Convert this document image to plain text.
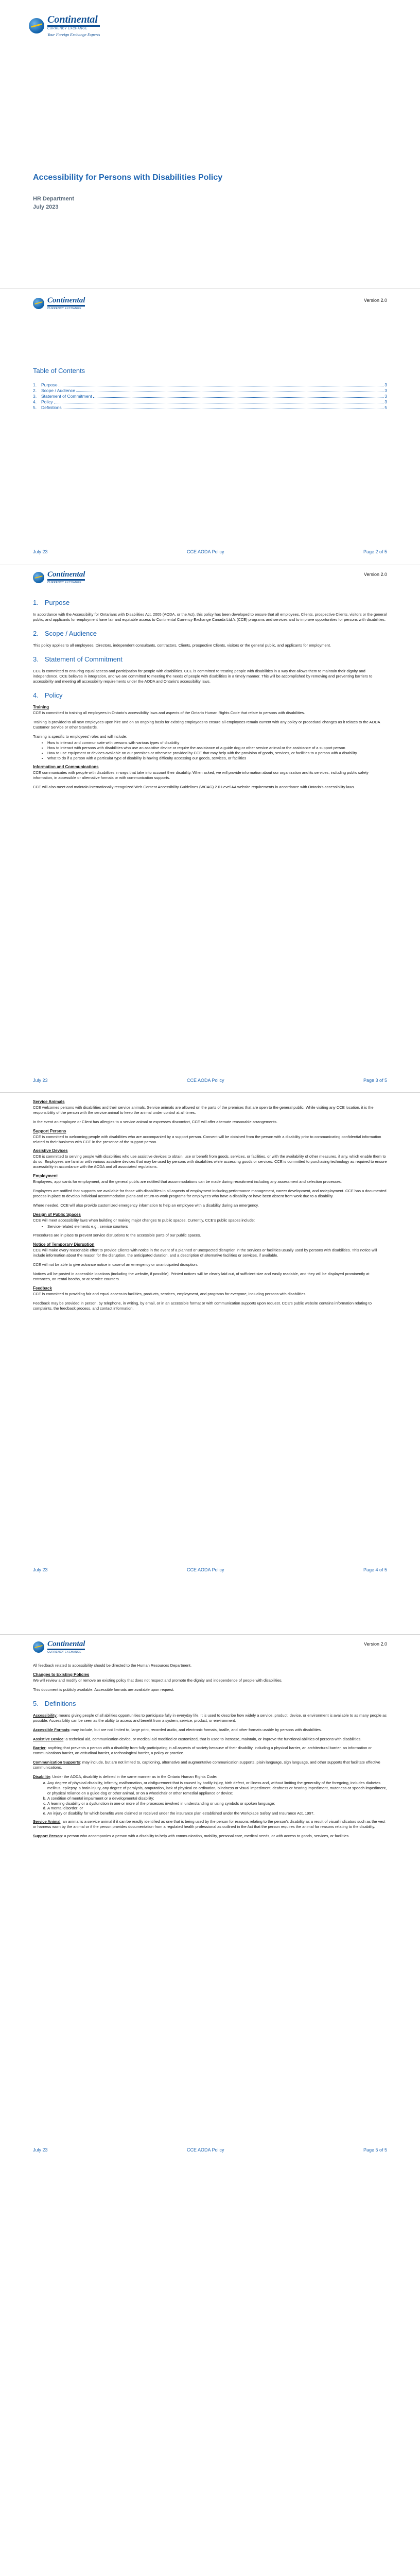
Continental
CURRENCY EXCHANGE
Your Foreign Exchange Experts
Accessibility for Persons with Disabilities Policy
HR Department
July 2023
Continental
CURRENCY EXCHANGE
Version 2.0
Table of Contents
1.	Purpose	3
2.	Scope / Audience	3
3.	Statement of Commitment	3
4.	Policy	3
5.	Definitions	5
July 23	CCE AODA Policy	Page 2 of 5
Continental
CURRENCY EXCHANGE
Version 2.0
1. Purpose

In accordance with the Accessibility for Ontarians with Disabilities Act, 2005 (AODA, or the Act), this policy has been developed to ensure that all employees, Clients, prospective Clients, visitors or the general public, and applicants for employment have fair and equitable access to Continental Currency Exchange Canada Ltd.'s (CCE) programs and services and to improve opportunities for persons with disabilities.

2. Scope / Audience

This policy applies to all employees, Directors, independent consultants, contractors, Clients, prospective Clients, visitors or the general public, and applicants for employment.

3. Statement of Commitment

CCE is committed to ensuring equal access and participation for people with disabilities. CCE is committed to treating people with disabilities in a way that allows them to maintain their dignity and independence. CCE believes in integration, and we are committed to meeting the needs of people with disabilities in a timely manner. This will be accomplished by removing and preventing barriers to accessibility and meeting all accessibility requirements under the AODA and Ontario's accessibility laws.

4. Policy
Training

CCE is committed to training all employees in Ontario's accessibility laws and aspects of the Ontario Human Rights Code that relate to persons with disabilities.

Training is provided to all new employees upon hire and on an ongoing basis for existing employees to ensure all employees remain current with any policy or procedural changes as it relates to the AODA Customer Service or other Standards.

Training is specific to employees' roles and will include:

• How to interact and communicate with persons with various types of disability
• How to interact with persons with disabilities who use an assistive device or require the assistance of a guide dog or other service animal or the assistance of a support person
• How to use equipment or devices available on our premises or otherwise provided by CCE that may help with the provision of goods, services, or facilities to a person with a disability
• What to do if a person with a particular type of disability is having difficulty accessing our goods, services, or facilities
Information and Communications

CCE communicates with people with disabilities in ways that take into account their disability. When asked, we will provide information about our organization and its services, including public safety information, in accessible or alternative formats or with communication supports.

CCE will also meet and maintain internationally recognized Web Content Accessibility Guidelines (WCAG) 2.0 Level AA website requirements in accordance with Ontario's accessibility laws.

July 23	CCE AODA Policy	Page 3 of 5
Service Animals

CCE welcomes persons with disabilities and their service animals. Service animals are allowed on the parts of the premises that are open to the general public. While visiting any CCE location, it is the responsibility of the person with the service animal to keep the animal under control at all times.

In the event an employee or Client has allergies to a service animal or expresses discomfort, CCE will offer alternate reasonable arrangements.

Support Persons

CCE is committed to welcoming people with disabilities who are accompanied by a support person. Consent will be obtained from the person with a disability prior to communicating confidential information related to their business with CCE in the presence of the support person.

Assistive Devices

CCE is committed to serving people with disabilities who use assistive devices to obtain, use or benefit from goods, services, or facilities, or with the availability of other measures, if any, which enable them to do so. Employees are familiar with various assistive devices that may be used by persons with disabilities while accessing goods or services. CCE is committed to purchasing technology as required to ensure accessibility in accordance with the AODA and all associated regulations.

Employment

Employees, applicants for employment, and the general public are notified that accommodations can be made during recruitment including any assessment and selection processes.

Employees are notified that supports are available for those with disabilities in all aspects of employment including performance management, career development, and redeployment. CCE has a documented process in place to develop individual accommodation plans and return-to-work programs for employees who have a disability or have been absent from work due to a disability.

Where needed, CCE will also provide customized emergency information to help an employee with a disability during an emergency.

Design of Public Spaces

CCE will meet accessibility laws when building or making major changes to public spaces. Currently, CCE's public spaces include:

• Service-related elements e.g., service counters

Procedures are in place to prevent service disruptions to the accessible parts of our public spaces.

Notice of Temporary Disruption

CCE will make every reasonable effort to provide Clients with notice in the event of a planned or unexpected disruption in the services or facilities usually used by persons with disabilities. This notice will include information about the reason for the disruption, the anticipated duration, and a description of alternative facilities or services, if available.

CCE will not be able to give advance notice in case of an emergency or unanticipated disruption.

Notices will be posted in accessible locations (including the website, if possible). Printed notices will be clearly laid out, of sufficient size and easily readable, and they will be displayed prominently at entrances, on rental booths, or at service counters.

Feedback

CCE is committed to providing fair and equal access to facilities, products, services, employment, and programs for everyone, including persons with disabilities.

Feedback may be provided in person, by telephone, in writing, by email, or in an accessible format or with communication supports upon request. CCE's public website contains information relating to complaints, the feedback process, and contact information.

July 23	CCE AODA Policy	Page 4 of 5
Continental
CURRENCY EXCHANGE
Version 2.0

All feedback related to accessibility should be directed to the Human Resources Department.

Changes to Existing Policies

We will review and modify or remove an existing policy that does not respect and promote the dignity and independence of people with disabilities.

This document is publicly available. Accessible formats are available upon request.

5. Definitions

Accessibility: means giving people of all abilities opportunities to participate fully in everyday life. It is used to describe how widely a service, product, device, or environment is available to as many people as possible. Accessibility can be seen as the ability to access and benefit from a system, service, product, or environment.

Accessible Formats: may include, but are not limited to, large print, recorded audio, and electronic formats, braille, and other formats usable by persons with disabilities.

Assistive Device: a technical aid, communication device, or medical aid modified or customized, that is used to increase, maintain, or improve the functional abilities of persons with disabilities.

Barrier: anything that prevents a person with a disability from fully participating in all aspects of society because of their disability, including a physical barrier, an architectural barrier, an information or communications barrier, an attitudinal barrier, a technological barrier, a policy or practice.

Communication Supports: may include, but are not limited to, captioning, alternative and augmentative communication supports, plain language, sign language, and other supports that facilitate effective communications.

Disability: Under the AODA, disability is defined in the same manner as in the Ontario Human Rights Code:

a. Any degree of physical disability, infirmity, malformation, or disfigurement that is caused by bodily injury, birth defect, or illness and, without limiting the generality of the foregoing, includes diabetes mellitus, epilepsy, a brain injury, any degree of paralysis, amputation, lack of physical co-ordination, blindness or visual impediment, deafness or hearing impediment, muteness or speech impediment, or physical reliance on a guide dog or other animal, or on a wheelchair or other remedial appliance or device;
b. A condition of mental impairment or a developmental disability;
c. A learning disability or a dysfunction in one or more of the processes involved in understanding or using symbols or spoken language;
d. A mental disorder; or
e. An injury or disability for which benefits were claimed or received under the insurance plan established under the Workplace Safety and Insurance Act, 1997.

Service Animal: an animal is a service animal if it can be readily identified as one that is being used by the person for reasons relating to the person's disability as a result of visual indicators such as the vest or harness worn by the animal or if the person provides documentation from a regulated health professional as outlined in the Act that the person requires the animal for reasons relating to the disability.

Support Person: a person who accompanies a person with a disability to help with communication, mobility, personal care, medical needs, or with access to goods, services, or facilities.

July 23	CCE AODA Policy	Page 5 of 5
